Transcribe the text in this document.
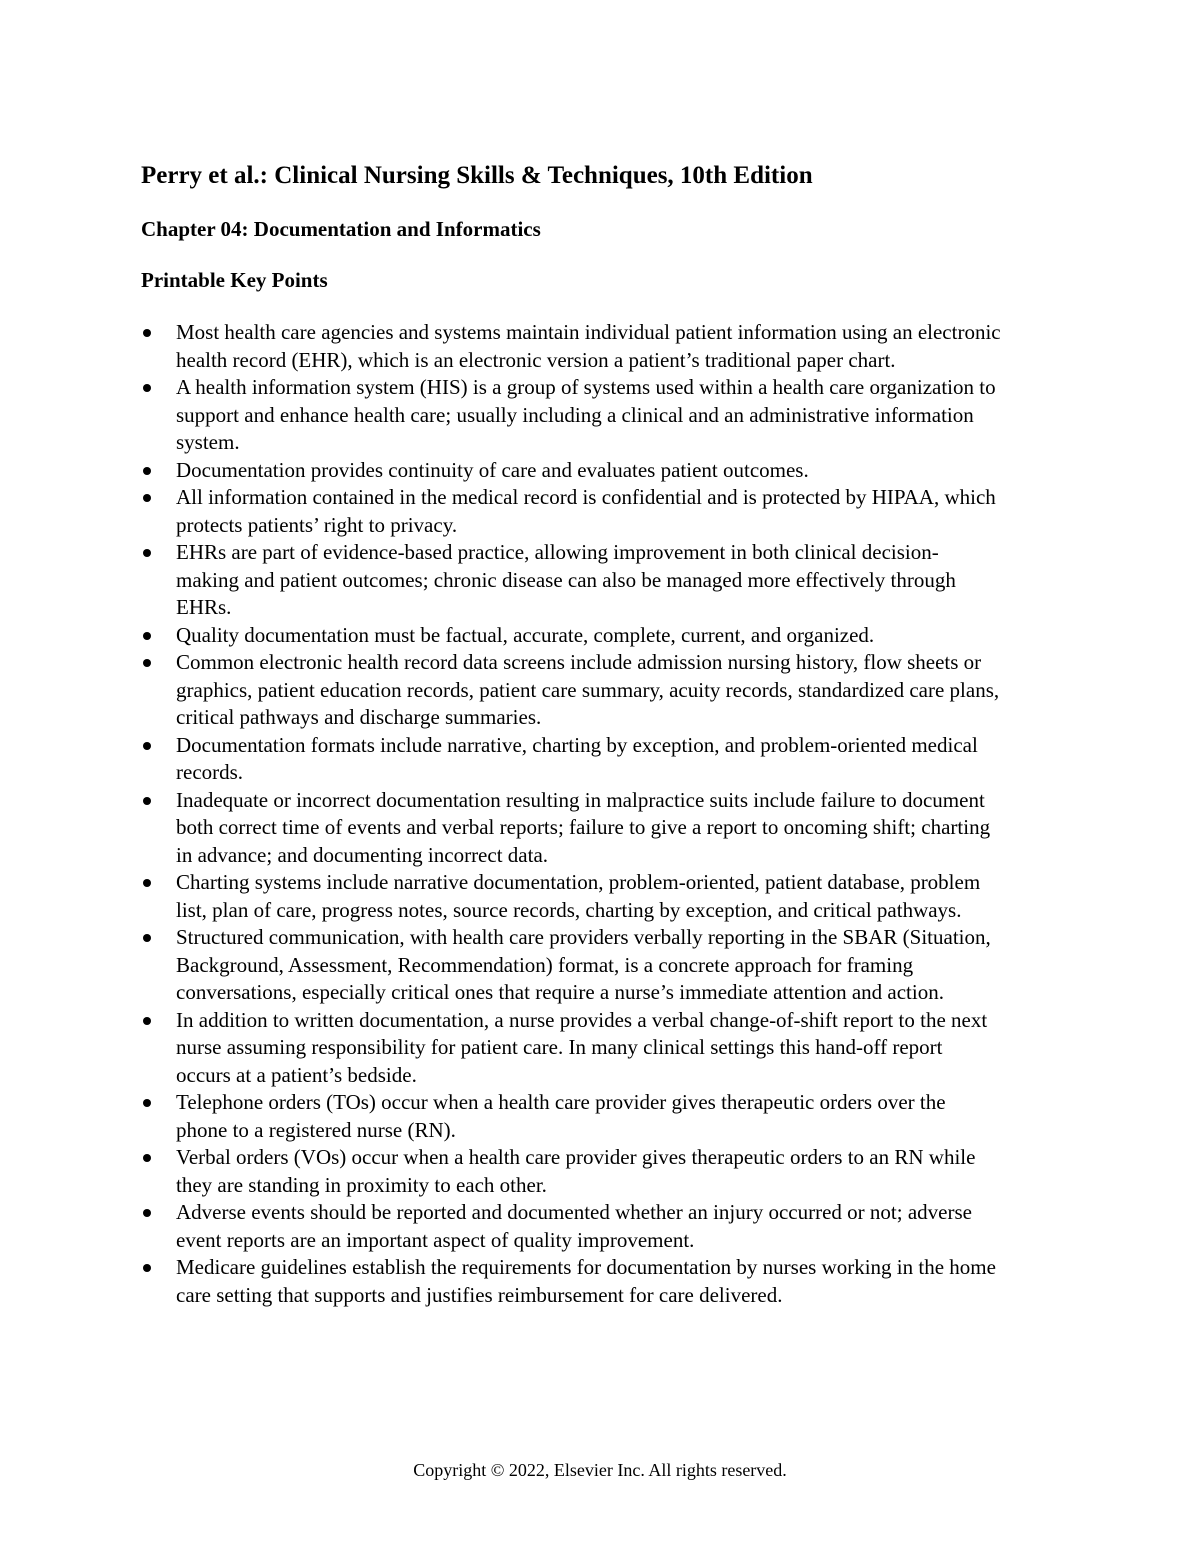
Perry et al.: Clinical Nursing Skills & Techniques, 10th Edition
Chapter 04: Documentation and Informatics
Printable Key Points
Most health care agencies and systems maintain individual patient information using an electronic health record (EHR), which is an electronic version a patient’s traditional paper chart.
A health information system (HIS) is a group of systems used within a health care organization to support and enhance health care; usually including a clinical and an administrative information system.
Documentation provides continuity of care and evaluates patient outcomes.
All information contained in the medical record is confidential and is protected by HIPAA, which protects patients’ right to privacy.
EHRs are part of evidence-based practice, allowing improvement in both clinical decision-making and patient outcomes; chronic disease can also be managed more effectively through EHRs.
Quality documentation must be factual, accurate, complete, current, and organized.
Common electronic health record data screens include admission nursing history, flow sheets or graphics, patient education records, patient care summary, acuity records, standardized care plans, critical pathways and discharge summaries.
Documentation formats include narrative, charting by exception, and problem-oriented medical records.
Inadequate or incorrect documentation resulting in malpractice suits include failure to document both correct time of events and verbal reports; failure to give a report to oncoming shift; charting in advance; and documenting incorrect data.
Charting systems include narrative documentation, problem-oriented, patient database, problem list, plan of care, progress notes, source records, charting by exception, and critical pathways.
Structured communication, with health care providers verbally reporting in the SBAR (Situation, Background, Assessment, Recommendation) format, is a concrete approach for framing conversations, especially critical ones that require a nurse’s immediate attention and action.
In addition to written documentation, a nurse provides a verbal change-of-shift report to the next nurse assuming responsibility for patient care. In many clinical settings this hand-off report occurs at a patient’s bedside.
Telephone orders (TOs) occur when a health care provider gives therapeutic orders over the phone to a registered nurse (RN).
Verbal orders (VOs) occur when a health care provider gives therapeutic orders to an RN while they are standing in proximity to each other.
Adverse events should be reported and documented whether an injury occurred or not; adverse event reports are an important aspect of quality improvement.
Medicare guidelines establish the requirements for documentation by nurses working in the home care setting that supports and justifies reimbursement for care delivered.

Copyright © 2022, Elsevier Inc. All rights reserved.
